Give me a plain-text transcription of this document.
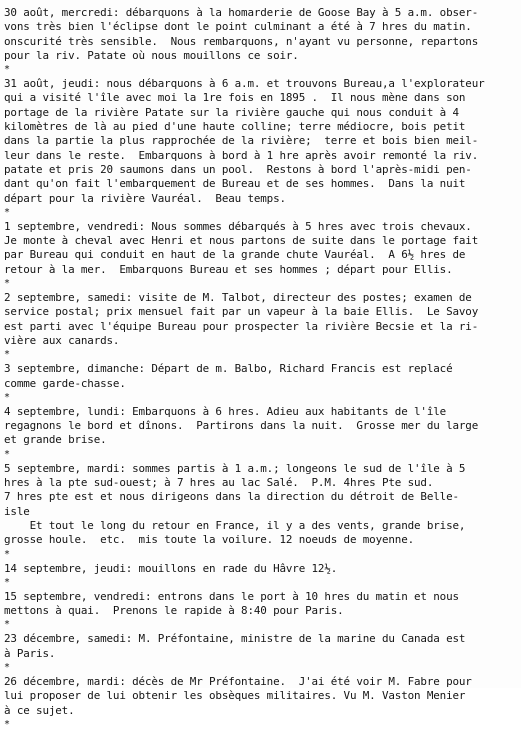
30 août, mercredi: débarquons à la homarderie de Goose Bay à 5 a.m. obser-
vons très bien l'éclipse dont le point culminant a été à 7 hres du matin.
onscurité très sensible.  Nous rembarquons, n'ayant vu personne, repartons
pour la riv. Patate où nous mouillons ce soir.
*
31 août, jeudi: nous débarquons à 6 a.m. et trouvons Bureau,a l'explorateur
qui a visité l'île avec moi la 1re fois en 1895 .  Il nous mène dans son
portage de la rivière Patate sur la rivière gauche qui nous conduit à 4
kilomètres de là au pied d'une haute colline; terre médiocre, bois petit
dans la partie la plus rapprochée de la rivière;  terre et bois bien meil-
leur dans le reste.  Embarquons à bord à 1 hre après avoir remonté la riv.
patate et pris 20 saumons dans un pool.  Restons à bord l'après-midi pen-
dant qu'on fait l'embarquement de Bureau et de ses hommes.  Dans la nuit
départ pour la rivière Vauréal.  Beau temps.
*
1 septembre, vendredi: Nous sommes débarqués à 5 hres avec trois chevaux.
Je monte à cheval avec Henri et nous partons de suite dans le portage fait
par Bureau qui conduit en haut de la grande chute Vauréal.  A 6½ hres de
retour à la mer.  Embarquons Bureau et ses hommes ; départ pour Ellis.
*
2 septembre, samedi: visite de M. Talbot, directeur des postes; examen de
service postal; prix mensuel fait par un vapeur à la baie Ellis.  Le Savoy
est parti avec l'équipe Bureau pour prospecter la rivière Becsie et la ri-
vière aux canards.
*
3 septembre, dimanche: Départ de m. Balbo, Richard Francis est replacé
comme garde-chasse.
*
4 septembre, lundi: Embarquons à 6 hres. Adieu aux habitants de l'île
regagnons le bord et dînons.  Partirons dans la nuit.  Grosse mer du large
et grande brise.
*
5 septembre, mardi: sommes partis à 1 a.m.; longeons le sud de l'île à 5
hres à la pte sud-ouest; à 7 hres au lac Salé.  P.M. 4hres Pte sud.
7 hres pte est et nous dirigeons dans la direction du détroit de Belle-
isle
Et tout le long du retour en France, il y a des vents, grande brise,
grosse houle.  etc.  mis toute la voilure. 12 noeuds de moyenne.
*
14 septembre, jeudi: mouillons en rade du Hâvre 12½.
*
15 septembre, vendredi: entrons dans le port à 10 hres du matin et nous
mettons à quai.  Prenons le rapide à 8:40 pour Paris.
*
23 décembre, samedi: M. Préfontaine, ministre de la marine du Canada est
à Paris.
*
26 décembre, mardi: décès de Mr Préfontaine.  J'ai été voir M. Fabre pour
lui proposer de lui obtenir les obsèques militaires. Vu M. Vaston Menier
à ce sujet.
*
